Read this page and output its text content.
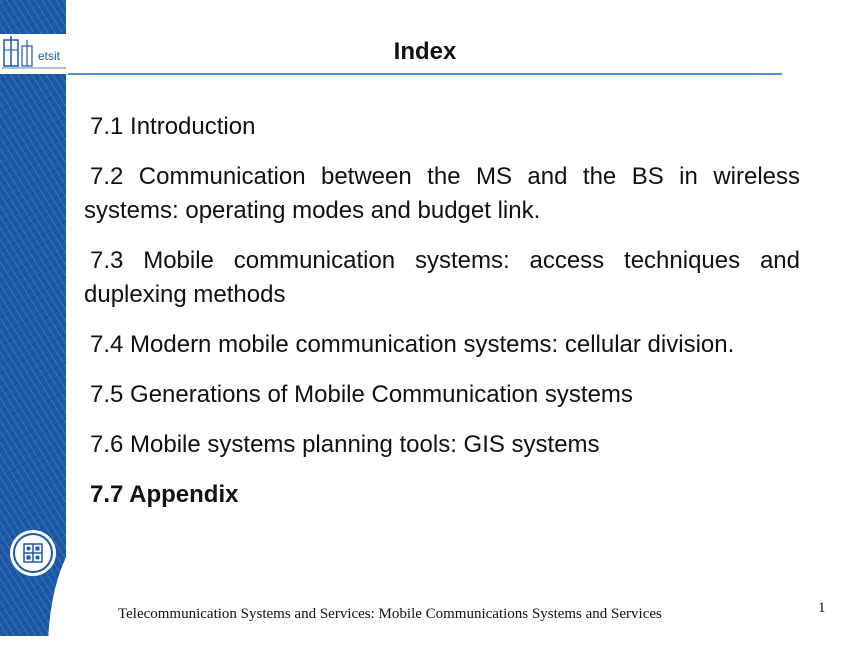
etsit	Index
7.1 Introduction
7.2 Communication between the MS and the BS in wireless systems: operating modes and budget link.
7.3 Mobile communication systems: access techniques and duplexing methods
7.4 Modern mobile communication systems: cellular division.
7.5 Generations of Mobile Communication systems
7.6 Mobile systems planning tools: GIS systems
7.7 Appendix
Telecommunication Systems and Services: Mobile Communications Systems and Services	1
